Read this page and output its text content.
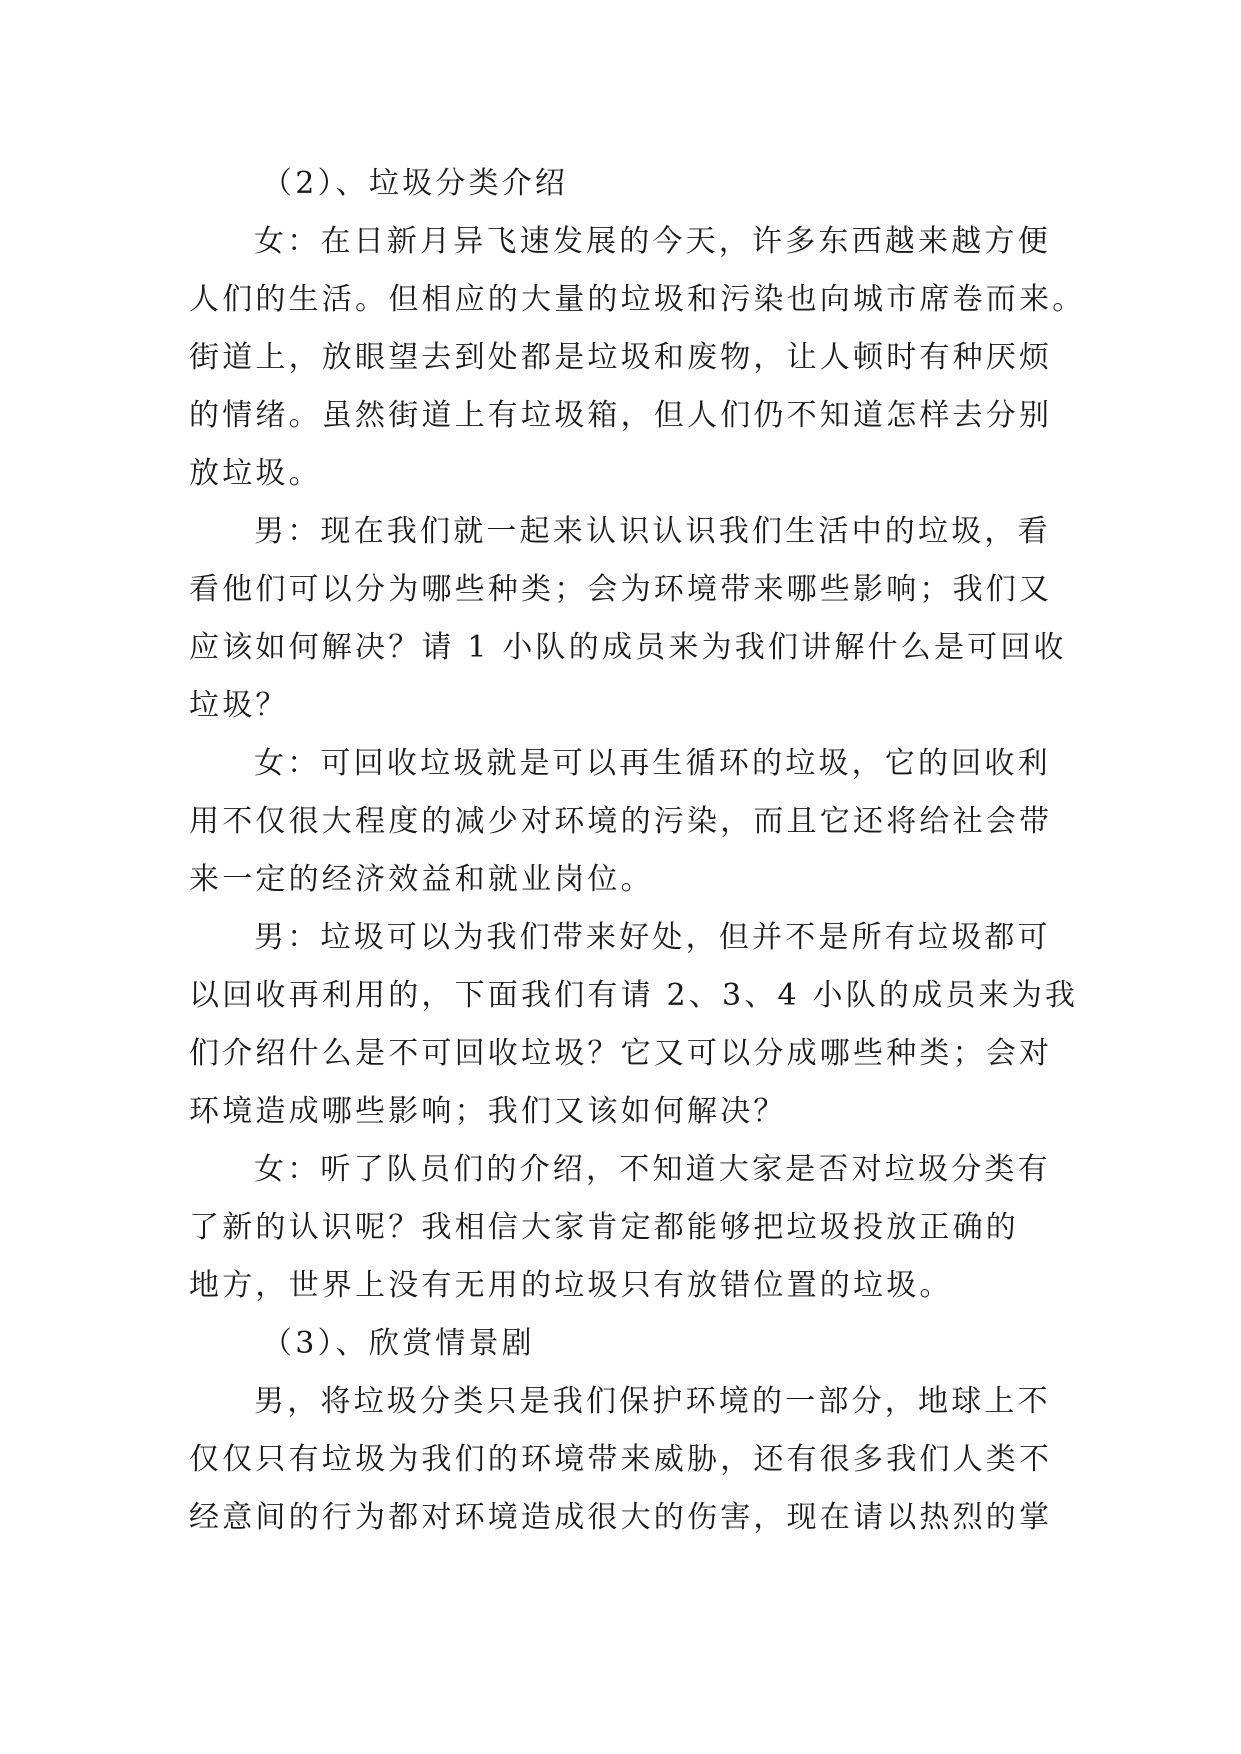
（2）、垃圾分类介绍
女：在日新月异飞速发展的今天，许多东西越来越方便
人们的生活。但相应的大量的垃圾和污染也向城市席卷而来。
街道上，放眼望去到处都是垃圾和废物，让人顿时有种厌烦
的情绪。虽然街道上有垃圾箱，但人们仍不知道怎样去分别
放垃圾。
男：现在我们就一起来认识认识我们生活中的垃圾，看
看他们可以分为哪些种类；会为环境带来哪些影响；我们又
应该如何解决？请 1 小队的成员来为我们讲解什么是可回收
垃圾？
女：可回收垃圾就是可以再生循环的垃圾，它的回收利
用不仅很大程度的减少对环境的污染，而且它还将给社会带
来一定的经济效益和就业岗位。
男：垃圾可以为我们带来好处，但并不是所有垃圾都可
以回收再利用的，下面我们有请 2、3、4 小队的成员来为我
们介绍什么是不可回收垃圾？它又可以分成哪些种类；会对
环境造成哪些影响；我们又该如何解决？
女：听了队员们的介绍，不知道大家是否对垃圾分类有
了新的认识呢？我相信大家肯定都能够把垃圾投放正确的
地方，世界上没有无用的垃圾只有放错位置的垃圾。
（3）、欣赏情景剧
男，将垃圾分类只是我们保护环境的一部分，地球上不
仅仅只有垃圾为我们的环境带来威胁，还有很多我们人类不
经意间的行为都对环境造成很大的伤害，现在请以热烈的掌
